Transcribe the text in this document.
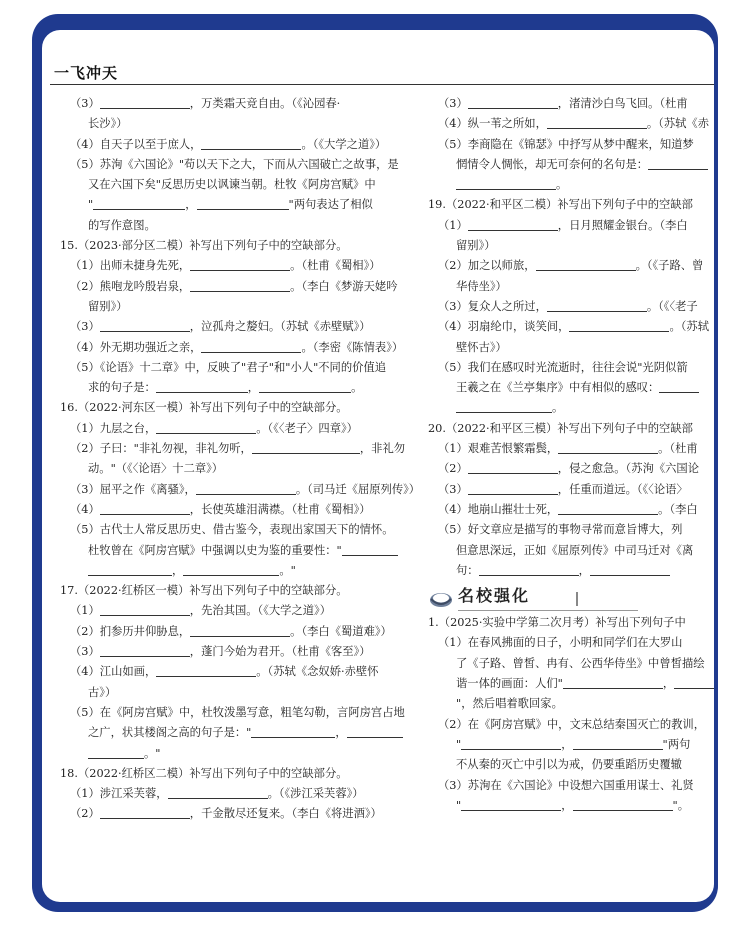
一飞冲天
（3）	，万类霜天竞自由。（《沁园春·
长沙》）
（4）自天子以至于庶人，	。（《大学之道》）
（5）苏洵《六国论》"苟以天下之大，下而从六国破亡之故事，是
又在六国下矣"反思历史以讽谏当朝。杜牧《阿房宫赋》中
"	，	"两句表达了相似
的写作意图。
15.（2023·部分区二模）补写出下列句子中的空缺部分。
（1）出师未捷身先死，	。（杜甫《蜀相》）
（2）熊咆龙吟殷岩泉，	。（李白《梦游天姥吟
留别》）
（3）	，泣孤舟之嫠妇。（苏轼《赤壁赋》）
（4）外无期功强近之亲，	。（李密《陈情表》）
（5）《论语》十二章》中，反映了"君子"和"小人"不同的价值追
求的句子是：	，	。
16.（2022·河东区一模）补写出下列句子中的空缺部分。
（1）九层之台，	。（《〈老子〉四章》）
（2）子曰："非礼勿视，非礼勿听，	，非礼勿
动。"（《〈论语〉十二章》）
（3）屈平之作《离骚》，	。（司马迁《屈原列传》）
（4）	，长使英雄泪满襟。（杜甫《蜀相》）
（5）古代士人常反思历史、借古鉴今，表现出家国天下的情怀。
杜牧曾在《阿房宫赋》中强调以史为鉴的重要性："
，	。"
17.（2022·红桥区一模）补写出下列句子中的空缺部分。
（1）	，先治其国。（《大学之道》）
（2）扪参历井仰胁息，	。（李白《蜀道难》）
（3）	，蓬门今始为君开。（杜甫《客至》）
（4）江山如画，	。（苏轼《念奴娇·赤壁怀
古》）
（5）在《阿房宫赋》中，杜牧泼墨写意，粗笔勾勒，言阿房宫占地
之广，状其楼阁之高的句子是："	，
。"
18.（2022·红桥区二模）补写出下列句子中的空缺部分。
（1）涉江采芙蓉，	。（《涉江采芙蓉》）
（2）	，千金散尽还复来。（李白《将进酒》）
（3）	，渚清沙白鸟飞回。（杜甫
（4）纵一苇之所如，	。（苏轼《赤
（5）李商隐在《锦瑟》中抒写从梦中醒来，知道梦
惘情令人惆怅，却无可奈何的名句是：
。
19.（2022·和平区二模）补写出下列句子中的空缺部
（1）	，日月照耀金银台。（李白
留别》）
（2）加之以师旅，	。（《子路、曾
华侍坐》）
（3）复众人之所过，	。（《〈老子
（4）羽扇纶巾，谈笑间，	。（苏轼
壁怀古》）
（5）我们在感叹时光流逝时，往往会说"光阴似箭
王羲之在《兰亭集序》中有相似的感叹：
。
20.（2022·和平区三模）补写出下列句子中的空缺部
（1）艰难苦恨繁霜鬓，	。（杜甫
（2）	，侵之愈急。（苏洵《六国论
（3）	，任重而道远。（《〈论语〉
（4）地崩山摧壮士死，	。（李白
（5）好文章应是描写的事物寻常而意旨博大，列
但意思深远，正如《屈原列传》中司马迁对《离
句：	，
名校强化
1.（2025·实验中学第二次月考）补写出下列句子中
（1）在春风拂面的日子，小明和同学们在大罗山
了《子路、曾皙、冉有、公西华侍坐》中曾皙描绘
谐一体的画面：人们"	，
"，然后唱着歌回家。
（2）在《阿房宫赋》中，文末总结秦国灭亡的教训，
"	，	"两句
不从秦的灭亡中引以为戒，仍要重蹈历史覆辙
（3）苏洵在《六国论》中设想六国重用谋士、礼贤
"	，	"。
